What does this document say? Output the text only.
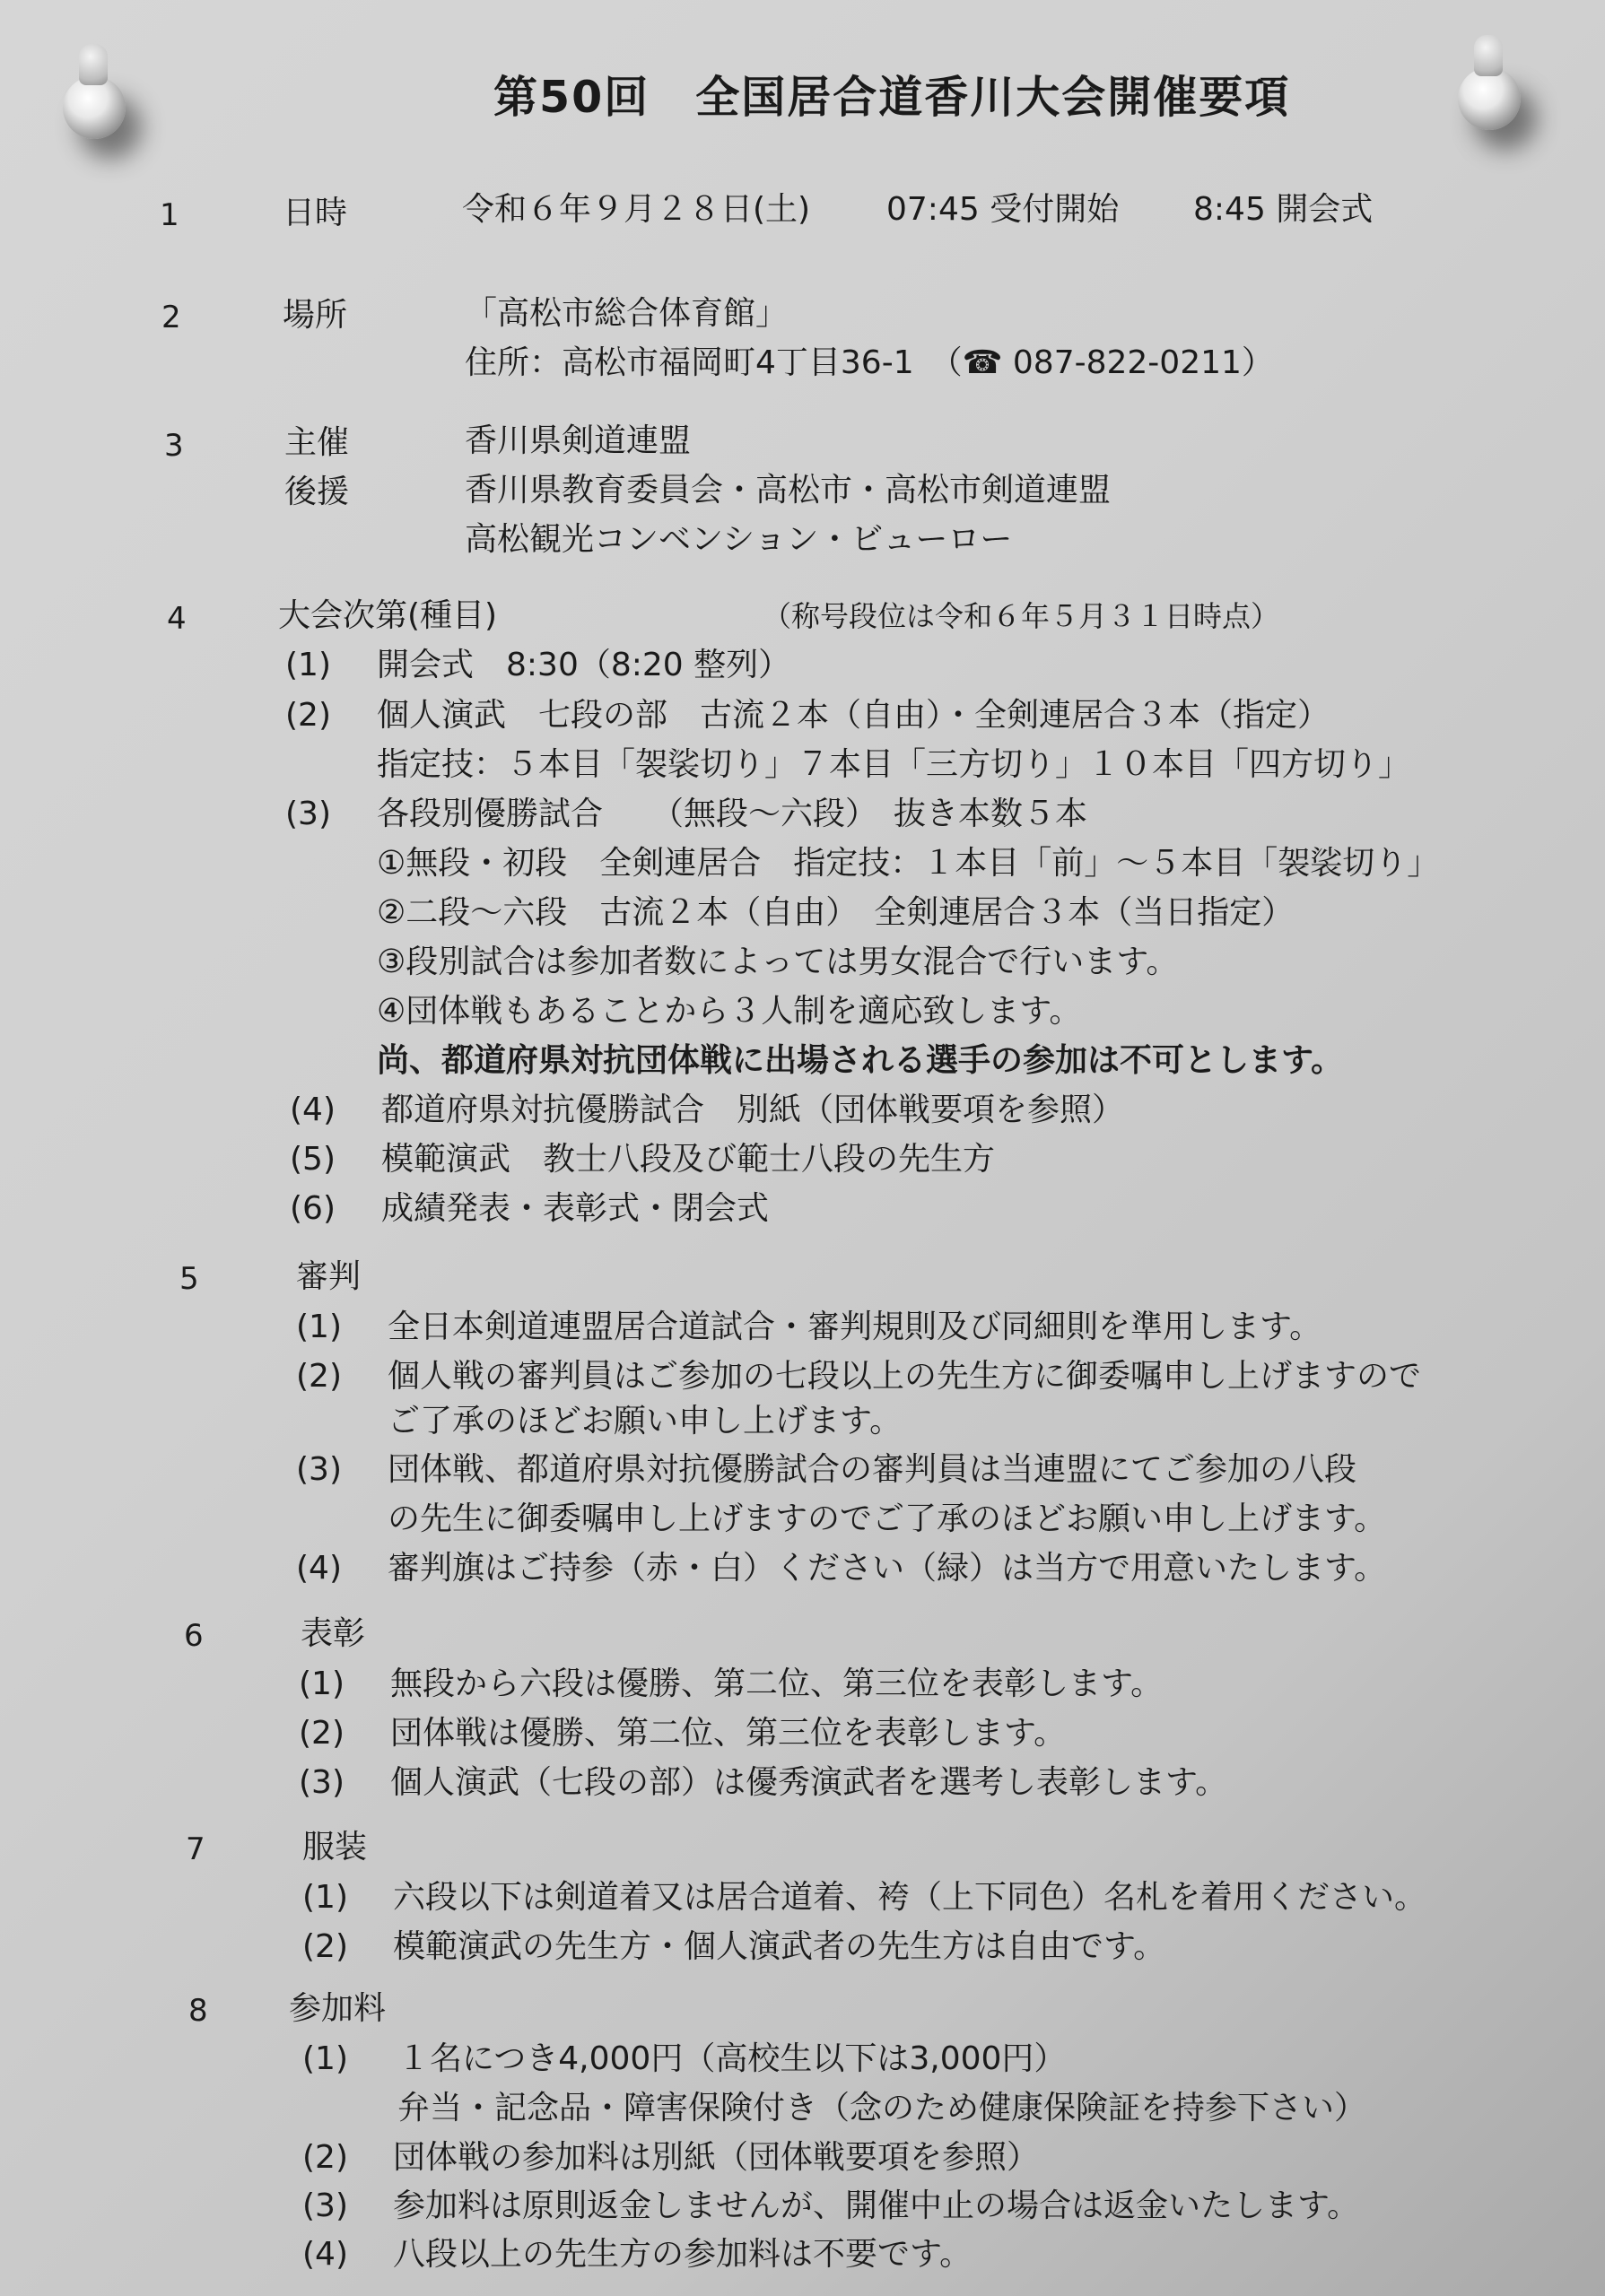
第50回　全国居合道香川大会開催要項
1	日時	令和６年９月２８日(土) 07:45 受付開始 8:45 開会式
2	場所	「高松市総合体育館」
住所：高松市福岡町4丁目36-1　（☎ 087-822-0211）
3	主催	香川県剣道連盟
後援	香川県教育委員会・高松市・高松市剣道連盟
高松観光コンベンション・ビューロー
4	大会次第(種目)	（称号段位は令和６年５月３１日時点）
(1) 開会式　8:30（8:20 整列）
(2) 個人演武　七段の部　古流２本（自由）・全剣連居合３本（指定）
指定技：５本目「袈裟切り」７本目「三方切り」１０本目「四方切り」
(3) 各段別優勝試合　　（無段～六段）　抜き本数５本
①無段・初段　全剣連居合　指定技：１本目「前」～５本目「袈裟切り」
②二段～六段　古流２本（自由）　全剣連居合３本（当日指定）
③段別試合は参加者数によっては男女混合で行います。
④団体戦もあることから３人制を適応致します。
尚、都道府県対抗団体戦に出場される選手の参加は不可とします。
(4) 都道府県対抗優勝試合　別紙（団体戦要項を参照）
(5) 模範演武　教士八段及び範士八段の先生方
(6) 成績発表・表彰式・閉会式
5	審判
(1) 全日本剣道連盟居合道試合・審判規則及び同細則を準用します。
(2) 個人戦の審判員はご参加の七段以上の先生方に御委嘱申し上げますので
ご了承のほどお願い申し上げます。
(3) 団体戦、都道府県対抗優勝試合の審判員は当連盟にてご参加の八段
の先生に御委嘱申し上げますのでご了承のほどお願い申し上げます。
(4) 審判旗はご持参（赤・白）ください（緑）は当方で用意いたします。
6	表彰
(1) 無段から六段は優勝、第二位、第三位を表彰します。
(2) 団体戦は優勝、第二位、第三位を表彰します。
(3) 個人演武（七段の部）は優秀演武者を選考し表彰します。
7	服装
(1) 六段以下は剣道着又は居合道着、袴（上下同色）名札を着用ください。
(2) 模範演武の先生方・個人演武者の先生方は自由です。
8	参加料
(1) １名につき4,000円（高校生以下は3,000円）
弁当・記念品・障害保険付き（念のため健康保険証を持参下さい）
(2) 団体戦の参加料は別紙（団体戦要項を参照）
(3) 参加料は原則返金しませんが、開催中止の場合は返金いたします。
(4) 八段以上の先生方の参加料は不要です。
